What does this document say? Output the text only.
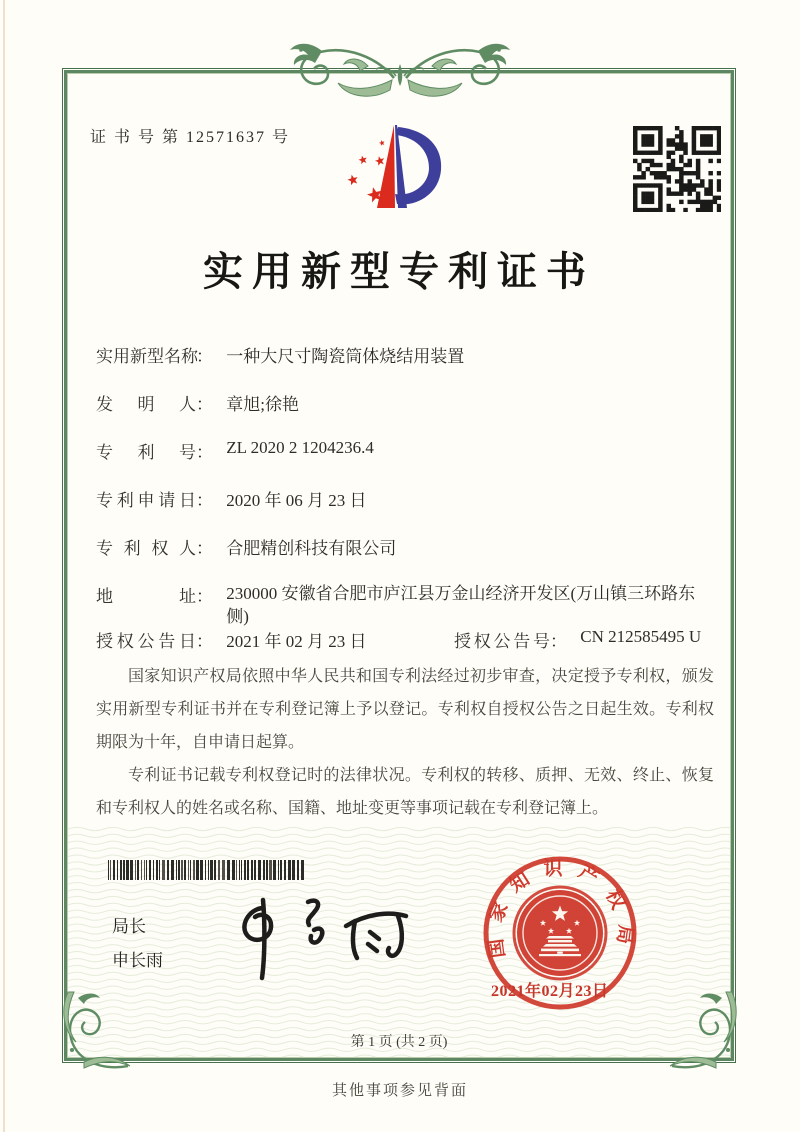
证 书 号 第 12571637 号
实用新型专利证书
实用新型名称： 一种大尺寸陶瓷筒体烧结用装置
发明人： 章旭;徐艳
专利号： ZL 2020 2 1204236.4
专利申请日： 2020 年 06 月 23 日
专利权人： 合肥精创科技有限公司
地址： 230000 安徽省合肥市庐江县万金山经济开发区(万山镇三环路东侧)
授权公告日： 2021 年 02 月 23 日	授权公告号： CN 212585495 U

国家知识产权局依照中华人民共和国专利法经过初步审查，决定授予专利权，颁发实用新型专利证书并在专利登记簿上予以登记。专利权自授权公告之日起生效。专利权期限为十年，自申请日起算。

专利证书记载专利权登记时的法律状况。专利权的转移、质押、无效、终止、恢复和专利权人的姓名或名称、国籍、地址变更等事项记载在专利登记簿上。

局长
申长雨
国家知识产权局
2021年02月23日
第 1 页 (共 2 页)
其他事项参见背面
